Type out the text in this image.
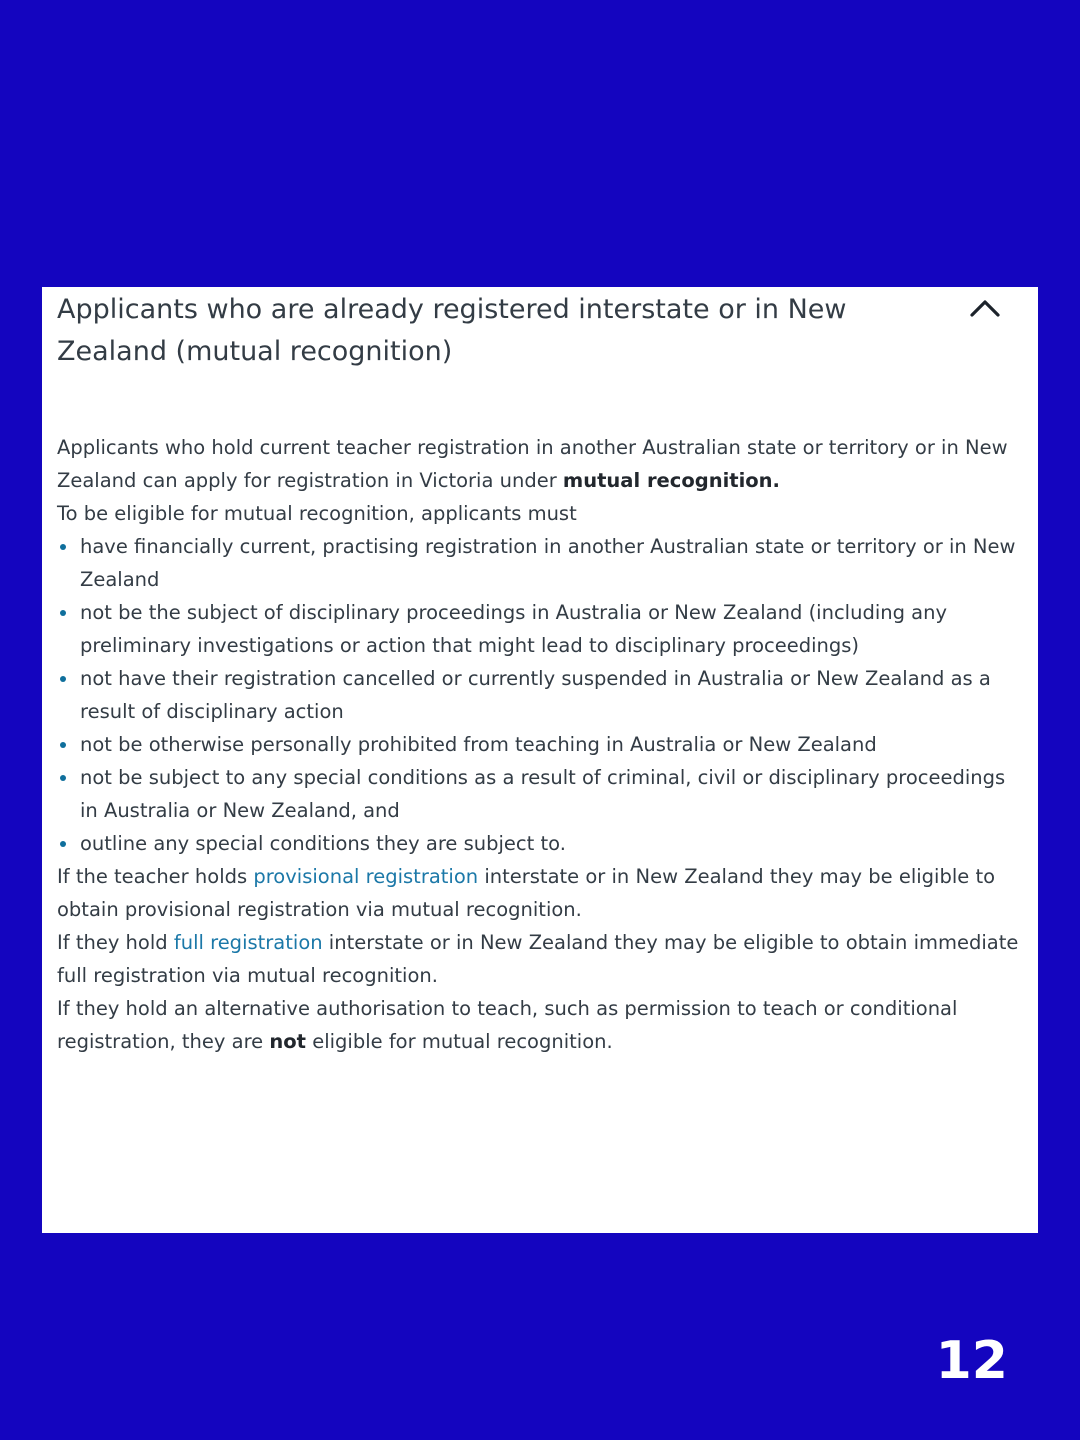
Applicants who are already registered interstate or in New Zealand (mutual recognition)

Applicants who hold current teacher registration in another Australian state or territory or in New Zealand can apply for registration in Victoria under mutual recognition.

To be eligible for mutual recognition, applicants must

have financially current, practising registration in another Australian state or territory or in New Zealand
not be the subject of disciplinary proceedings in Australia or New Zealand (including any preliminary investigations or action that might lead to disciplinary proceedings)
not have their registration cancelled or currently suspended in Australia or New Zealand as a result of disciplinary action
not be otherwise personally prohibited from teaching in Australia or New Zealand
not be subject to any special conditions as a result of criminal, civil or disciplinary proceedings in Australia or New Zealand, and
outline any special conditions they are subject to.

If the teacher holds provisional registration interstate or in New Zealand they may be eligible to obtain provisional registration via mutual recognition.

If they hold full registration interstate or in New Zealand they may be eligible to obtain immediate full registration via mutual recognition.

If they hold an alternative authorisation to teach, such as permission to teach or conditional registration, they are not eligible for mutual recognition.

12
